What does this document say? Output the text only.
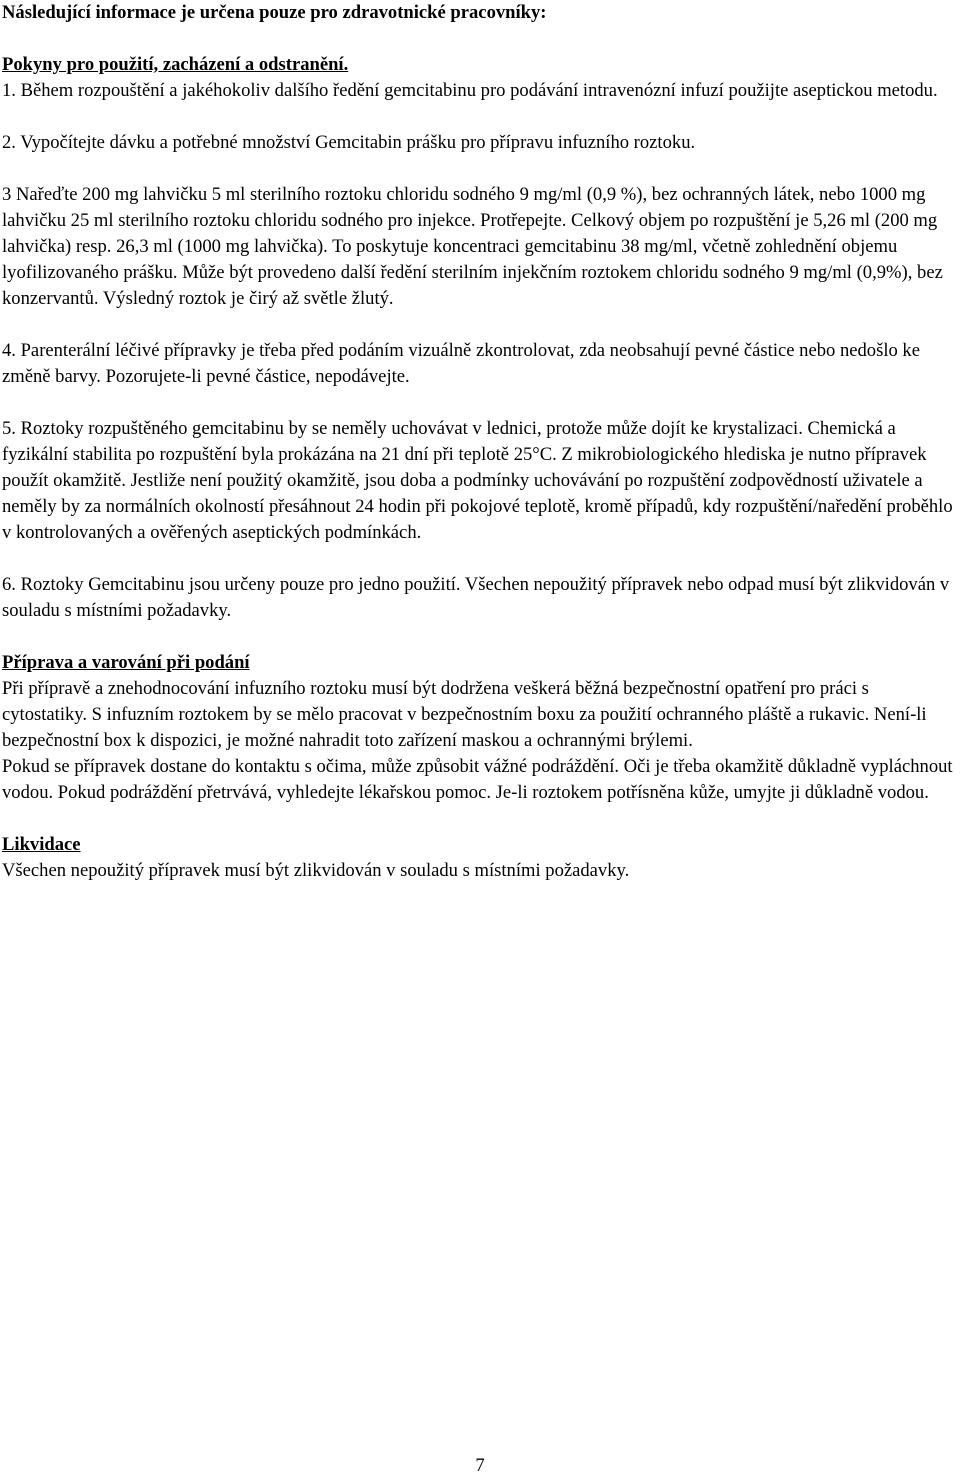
Následující informace je určena pouze pro zdravotnické pracovníky:

Pokyny pro použití, zacházení a odstranění.

1. Během rozpouštění a jakéhokoliv dalšího ředění gemcitabinu pro podávání intravenózní infuzí použijte aseptickou metodu.

2. Vypočítejte dávku a potřebné množství Gemcitabin prášku pro přípravu infuzního roztoku.

3 Nařeďte 200 mg lahvičku 5 ml sterilního roztoku chloridu sodného 9 mg/ml (0,9 %), bez ochranných látek, nebo 1000 mg lahvičku 25 ml sterilního roztoku chloridu sodného pro injekce. Protřepejte. Celkový objem po rozpuštění je 5,26 ml (200 mg lahvička) resp. 26,3 ml (1000 mg lahvička). To poskytuje koncentraci gemcitabinu 38 mg/ml, včetně zohlednění objemu lyofilizovaného prášku. Může být provedeno další ředění sterilním injekčním roztokem chloridu sodného 9 mg/ml (0,9%), bez konzervantů. Výsledný roztok je čirý až světle žlutý.

4. Parenterální léčivé přípravky je třeba před podáním vizuálně zkontrolovat, zda neobsahují pevné částice nebo nedošlo ke změně barvy. Pozorujete-li pevné částice, nepodávejte.

5. Roztoky rozpuštěného gemcitabinu by se neměly uchovávat v lednici, protože může dojít ke krystalizaci. Chemická a fyzikální stabilita po rozpuštění byla prokázána na 21 dní při teplotě 25°C. Z mikrobiologického hlediska je nutno přípravek použít okamžitě. Jestliže není použitý okamžitě, jsou doba a podmínky uchovávání po rozpuštění zodpovědností uživatele a neměly by za normálních okolností přesáhnout 24 hodin při pokojové teplotě, kromě případů, kdy rozpuštění/naředění proběhlo v kontrolovaných a ověřených aseptických podmínkách.

6. Roztoky Gemcitabinu jsou určeny pouze pro jedno použití. Všechen nepoužitý přípravek nebo odpad musí být zlikvidován v souladu s místními požadavky.

Příprava a varování při podání

Při přípravě a znehodnocování infuzního roztoku musí být dodržena veškerá běžná bezpečnostní opatření pro práci s cytostatiky. S infuzním roztokem by se mělo pracovat v bezpečnostním boxu za použití ochranného pláště a rukavic. Není-li bezpečnostní box k dispozici, je možné nahradit toto zařízení maskou a ochrannými brýlemi.

Pokud se přípravek dostane do kontaktu s očima, může způsobit vážné podráždění. Oči je třeba okamžitě důkladně vypláchnout vodou. Pokud podráždění přetrvává, vyhledejte lékařskou pomoc. Je-li roztokem potřísněna kůže, umyjte ji důkladně vodou.

Likvidace

Všechen nepoužitý přípravek musí být zlikvidován v souladu s místními požadavky.

7
